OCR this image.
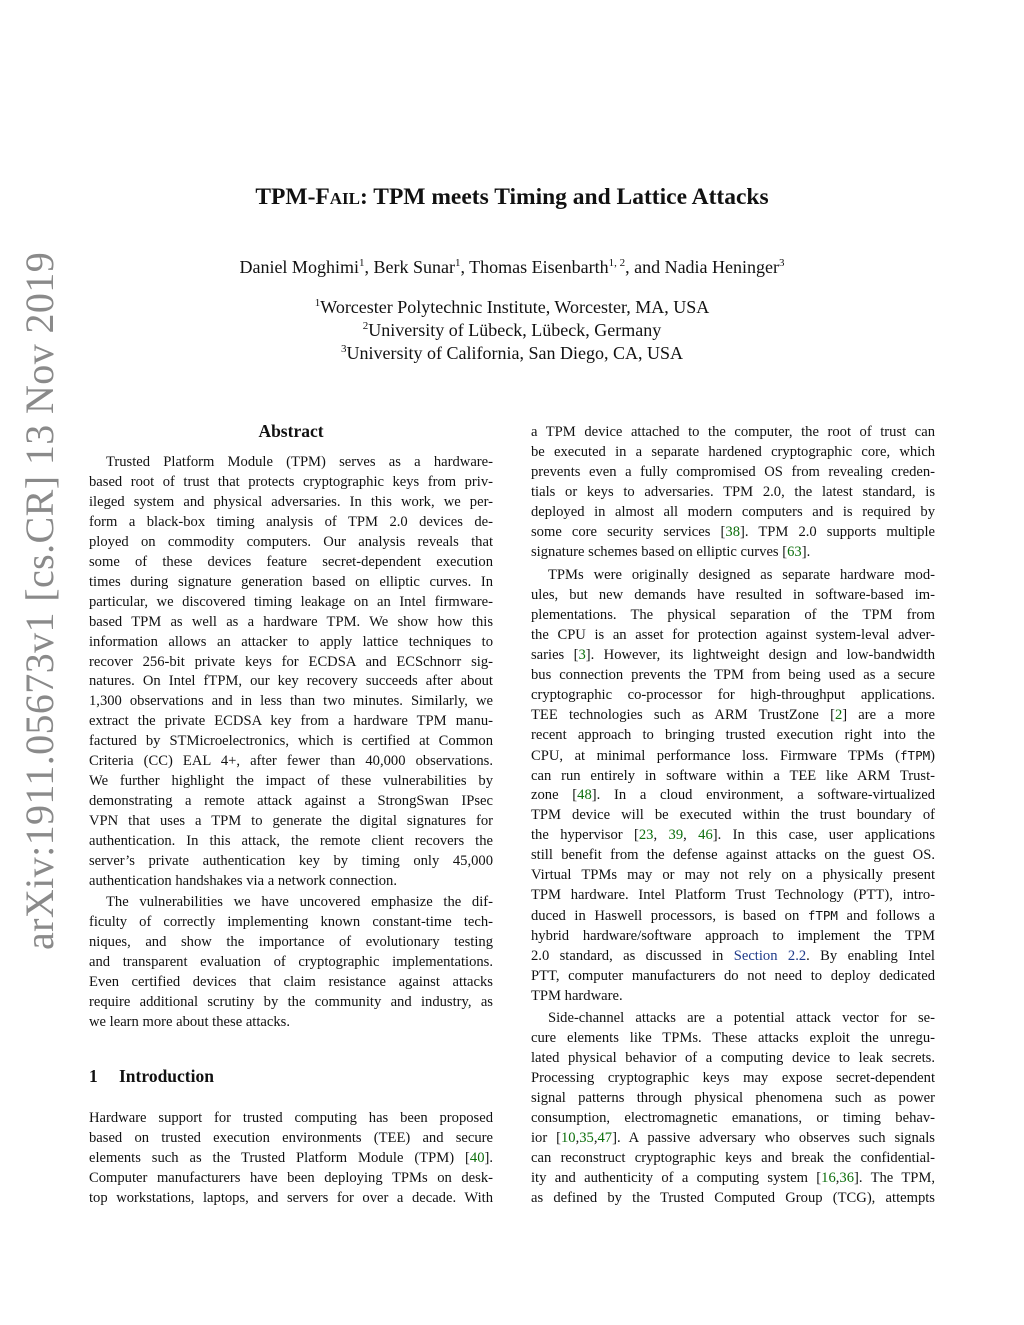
arXiv:1911.05673v1 [cs.CR] 13 Nov 2019
TPM-FAIL: TPM meets Timing and Lattice Attacks
Daniel Moghimi$^1$, Berk Sunar$^1$, Thomas Eisenbarth$^{1, 2}$, and Nadia Heninger$^3$
$^1$Worcester Polytechnic Institute, Worcester, MA, USA
$^2$University of Lübeck, Lübeck, Germany
$^3$University of California, San Diego, CA, USA
Abstract
Trusted Platform Module (TPM) serves as a hardware-
based root of trust that protects cryptographic keys from priv-
ileged system and physical adversaries. In this work, we per-
form a black-box timing analysis of TPM 2.0 devices de-
ployed on commodity computers. Our analysis reveals that
some of these devices feature secret-dependent execution
times during signature generation based on elliptic curves. In
particular, we discovered timing leakage on an Intel firmware-
based TPM as well as a hardware TPM. We show how this
information allows an attacker to apply lattice techniques to
recover 256-bit private keys for ECDSA and ECSchnorr sig-
natures. On Intel fTPM, our key recovery succeeds after about
1,300 observations and in less than two minutes. Similarly, we
extract the private ECDSA key from a hardware TPM manu-
factured by STMicroelectronics, which is certified at Common
Criteria (CC) EAL 4+, after fewer than 40,000 observations.
We further highlight the impact of these vulnerabilities by
demonstrating a remote attack against a StrongSwan IPsec
VPN that uses a TPM to generate the digital signatures for
authentication. In this attack, the remote client recovers the
server’s private authentication key by timing only 45,000
authentication handshakes via a network connection.
The vulnerabilities we have uncovered emphasize the dif-
ficulty of correctly implementing known constant-time tech-
niques, and show the importance of evolutionary testing
and transparent evaluation of cryptographic implementations.
Even certified devices that claim resistance against attacks
require additional scrutiny by the community and industry, as
we learn more about these attacks.
1 Introduction
Hardware support for trusted computing has been proposed
based on trusted execution environments (TEE) and secure
elements such as the Trusted Platform Module (TPM) [40].
Computer manufacturers have been deploying TPMs on desk-
top workstations, laptops, and servers for over a decade. With
a TPM device attached to the computer, the root of trust can
be executed in a separate hardened cryptographic core, which
prevents even a fully compromised OS from revealing creden-
tials or keys to adversaries. TPM 2.0, the latest standard, is
deployed in almost all modern computers and is required by
some core security services [38]. TPM 2.0 supports multiple
signature schemes based on elliptic curves [63].
TPMs were originally designed as separate hardware mod-
ules, but new demands have resulted in software-based im-
plementations. The physical separation of the TPM from
the CPU is an asset for protection against system-leval adver-
saries [3]. However, its lightweight design and low-bandwidth
bus connection prevents the TPM from being used as a secure
cryptographic co-processor for high-throughput applications.
TEE technologies such as ARM TrustZone [2] are a more
recent approach to bringing trusted execution right into the
CPU, at minimal performance loss. Firmware TPMs (fTPM)
can run entirely in software within a TEE like ARM Trust-
zone [48]. In a cloud environment, a software-virtualized
TPM device will be executed within the trust boundary of
the hypervisor [23, 39, 46]. In this case, user applications
still benefit from the defense against attacks on the guest OS.
Virtual TPMs may or may not rely on a physically present
TPM hardware. Intel Platform Trust Technology (PTT), intro-
duced in Haswell processors, is based on fTPM and follows a
hybrid hardware/software approach to implement the TPM
2.0 standard, as discussed in Section 2.2. By enabling Intel
PTT, computer manufacturers do not need to deploy dedicated
TPM hardware.
Side-channel attacks are a potential attack vector for se-
cure elements like TPMs. These attacks exploit the unregu-
lated physical behavior of a computing device to leak secrets.
Processing cryptographic keys may expose secret-dependent
signal patterns through physical phenomena such as power
consumption, electromagnetic emanations, or timing behav-
ior [10,35,47]. A passive adversary who observes such signals
can reconstruct cryptographic keys and break the confidential-
ity and authenticity of a computing system [16,36]. The TPM,
as defined by the Trusted Computed Group (TCG), attempts
